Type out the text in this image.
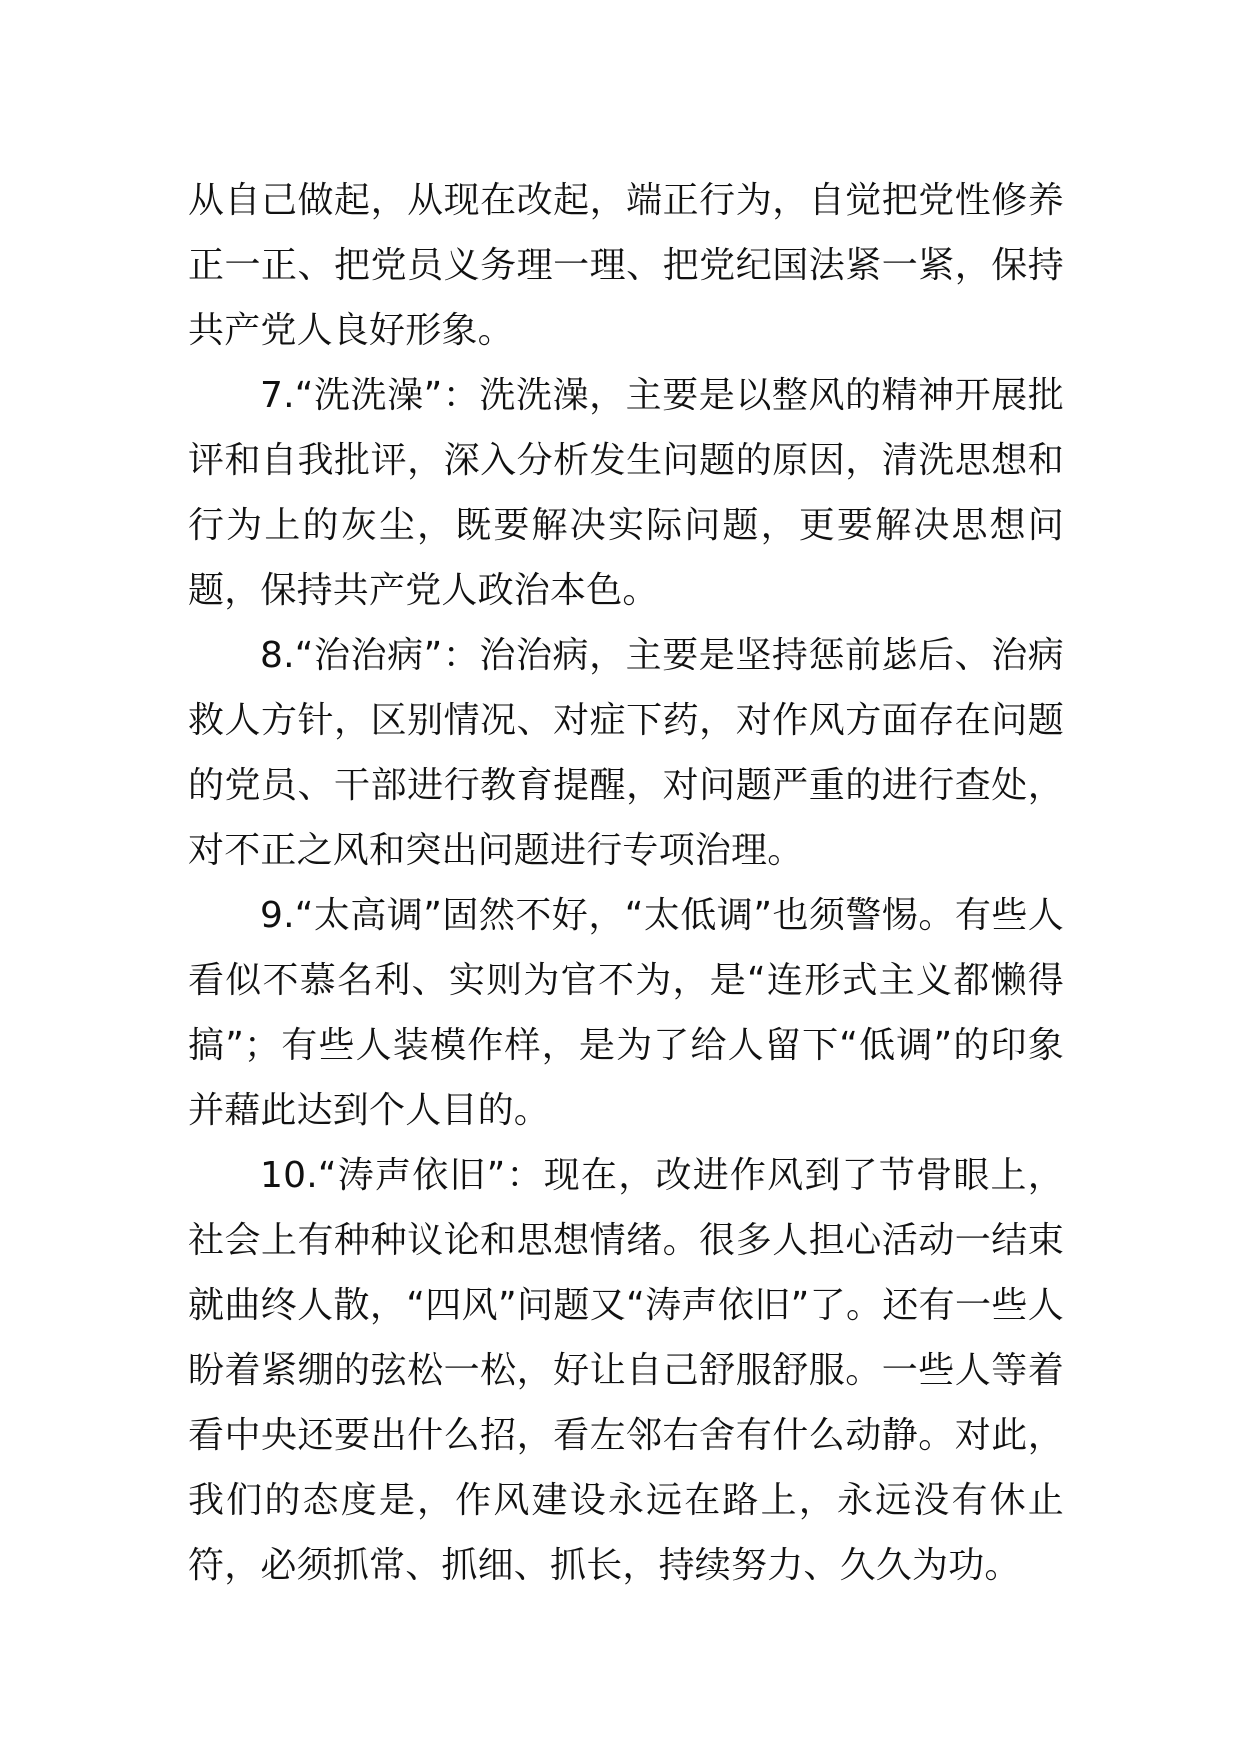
从自己做起，从现在改起，端正行为，自觉把党性修养正一正、把党员义务理一理、把党纪国法紧一紧，保持共产党人良好形象。

7.“洗洗澡”：洗洗澡，主要是以整风的精神开展批评和自我批评，深入分析发生问题的原因，清洗思想和行为上的灰尘，既要解决实际问题，更要解决思想问题，保持共产党人政治本色。

8.“治治病”：治治病，主要是坚持惩前毖后、治病救人方针，区别情况、对症下药，对作风方面存在问题的党员、干部进行教育提醒，对问题严重的进行查处，对不正之风和突出问题进行专项治理。

9.“太高调”固然不好，“太低调”也须警惕。有些人看似不慕名利、实则为官不为，是“连形式主义都懒得搞”；有些人装模作样，是为了给人留下“低调”的印象并藉此达到个人目的。

10.“涛声依旧”：现在，改进作风到了节骨眼上，社会上有种种议论和思想情绪。很多人担心活动一结束就曲终人散，“四风”问题又“涛声依旧”了。还有一些人盼着紧绷的弦松一松，好让自己舒服舒服。一些人等着看中央还要出什么招，看左邻右舍有什么动静。对此，我们的态度是，作风建设永远在路上，永远没有休止符，必须抓常、抓细、抓长，持续努力、久久为功。
